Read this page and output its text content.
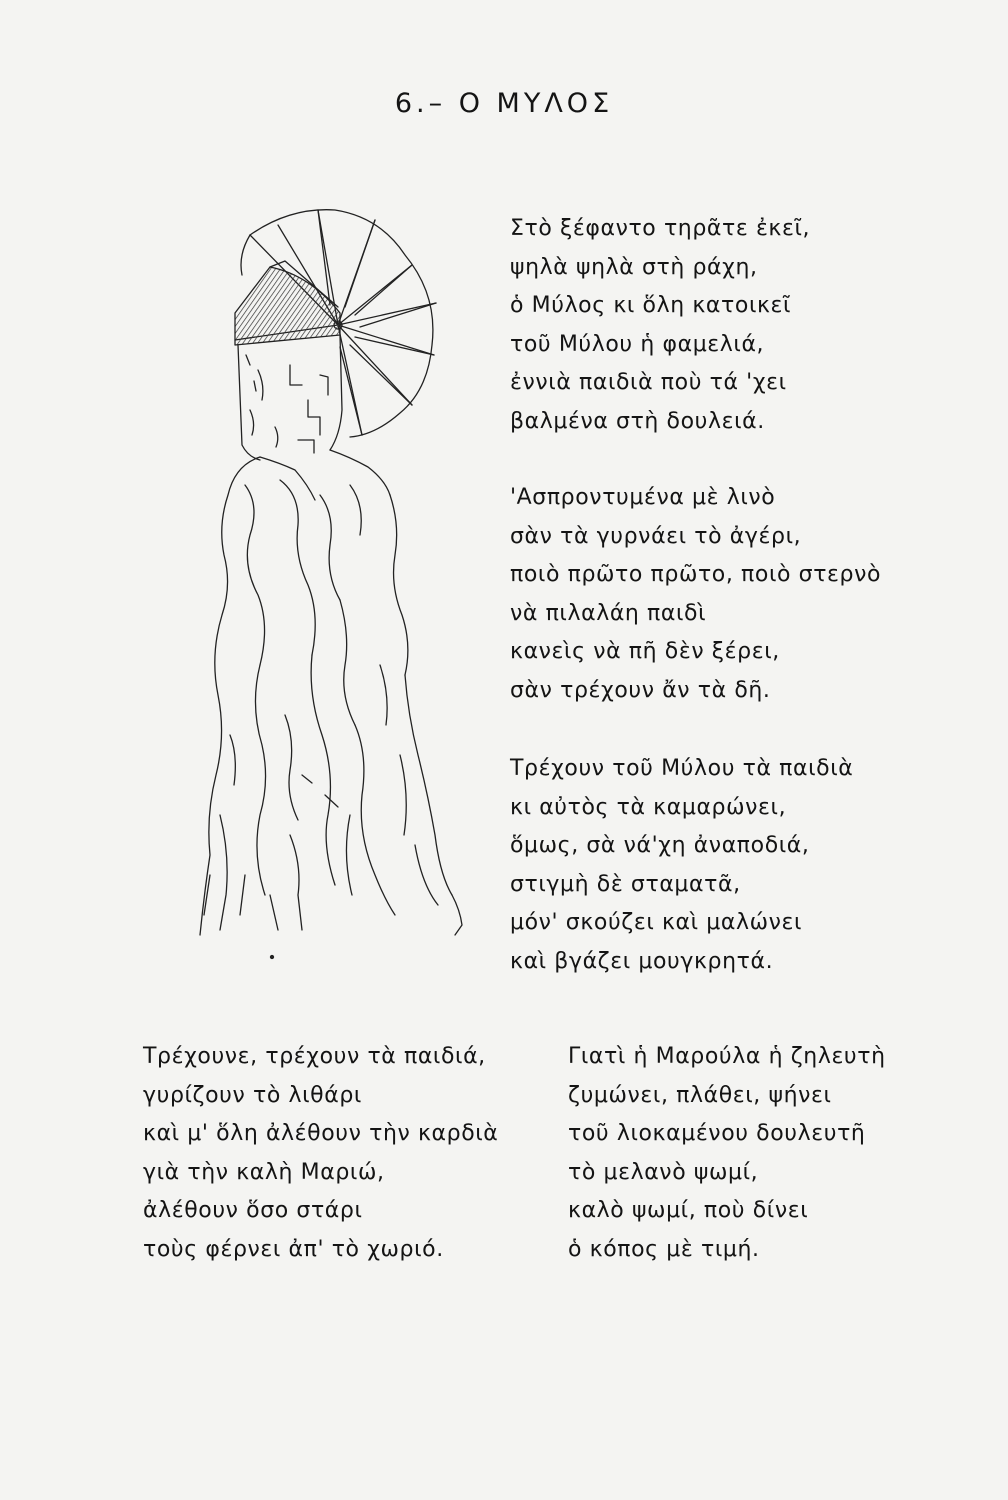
6.– Ο ΜΥΛΟΣ
Στὸ ξέφαντο τηρᾶτε ἐκεῖ,
ψηλὰ ψηλὰ στὴ ράχη,
ὁ Μύλος κι ὅλη κατοικεῖ
τοῦ Μύλου ἡ φαμελιά,
ἐννιὰ παιδιὰ ποὺ τά 'χει
βαλμένα στὴ δουλειά.
'Ασπροντυμένα μὲ λινὸ
σὰν τὰ γυρνάει τὸ ἀγέρι,
ποιὸ πρῶτο πρῶτο, ποιὸ στερνὸ
νὰ πιλαλάη παιδὶ
κανεὶς νὰ πῆ δὲν ξέρει,
σὰν τρέχουν ἄν τὰ δῆ.
Τρέχουν τοῦ Μύλου τὰ παιδιὰ
κι αὐτὸς τὰ καμαρώνει,
ὅμως, σὰ νά'χη ἀναποδιά,
στιγμὴ δὲ σταματᾶ,
μόν' σκούζει καὶ μαλώνει
καὶ βγάζει μουγκρητά.
Τρέχουνε, τρέχουν τὰ παιδιά,
γυρίζουν τὸ λιθάρι
καὶ μ' ὅλη ἀλέθουν τὴν καρδιὰ
γιὰ τὴν καλὴ Μαριώ,
ἀλέθουν ὅσο στάρι
τοὺς φέρνει ἀπ' τὸ χωριό.
Γιατὶ ἡ Μαρούλα ἡ ζηλευτὴ
ζυμώνει, πλάθει, ψήνει
τοῦ λιοκαμένου δουλευτῆ
τὸ μελανὸ ψωμί,
καλὸ ψωμί, ποὺ δίνει
ὁ κόπος μὲ τιμή.
